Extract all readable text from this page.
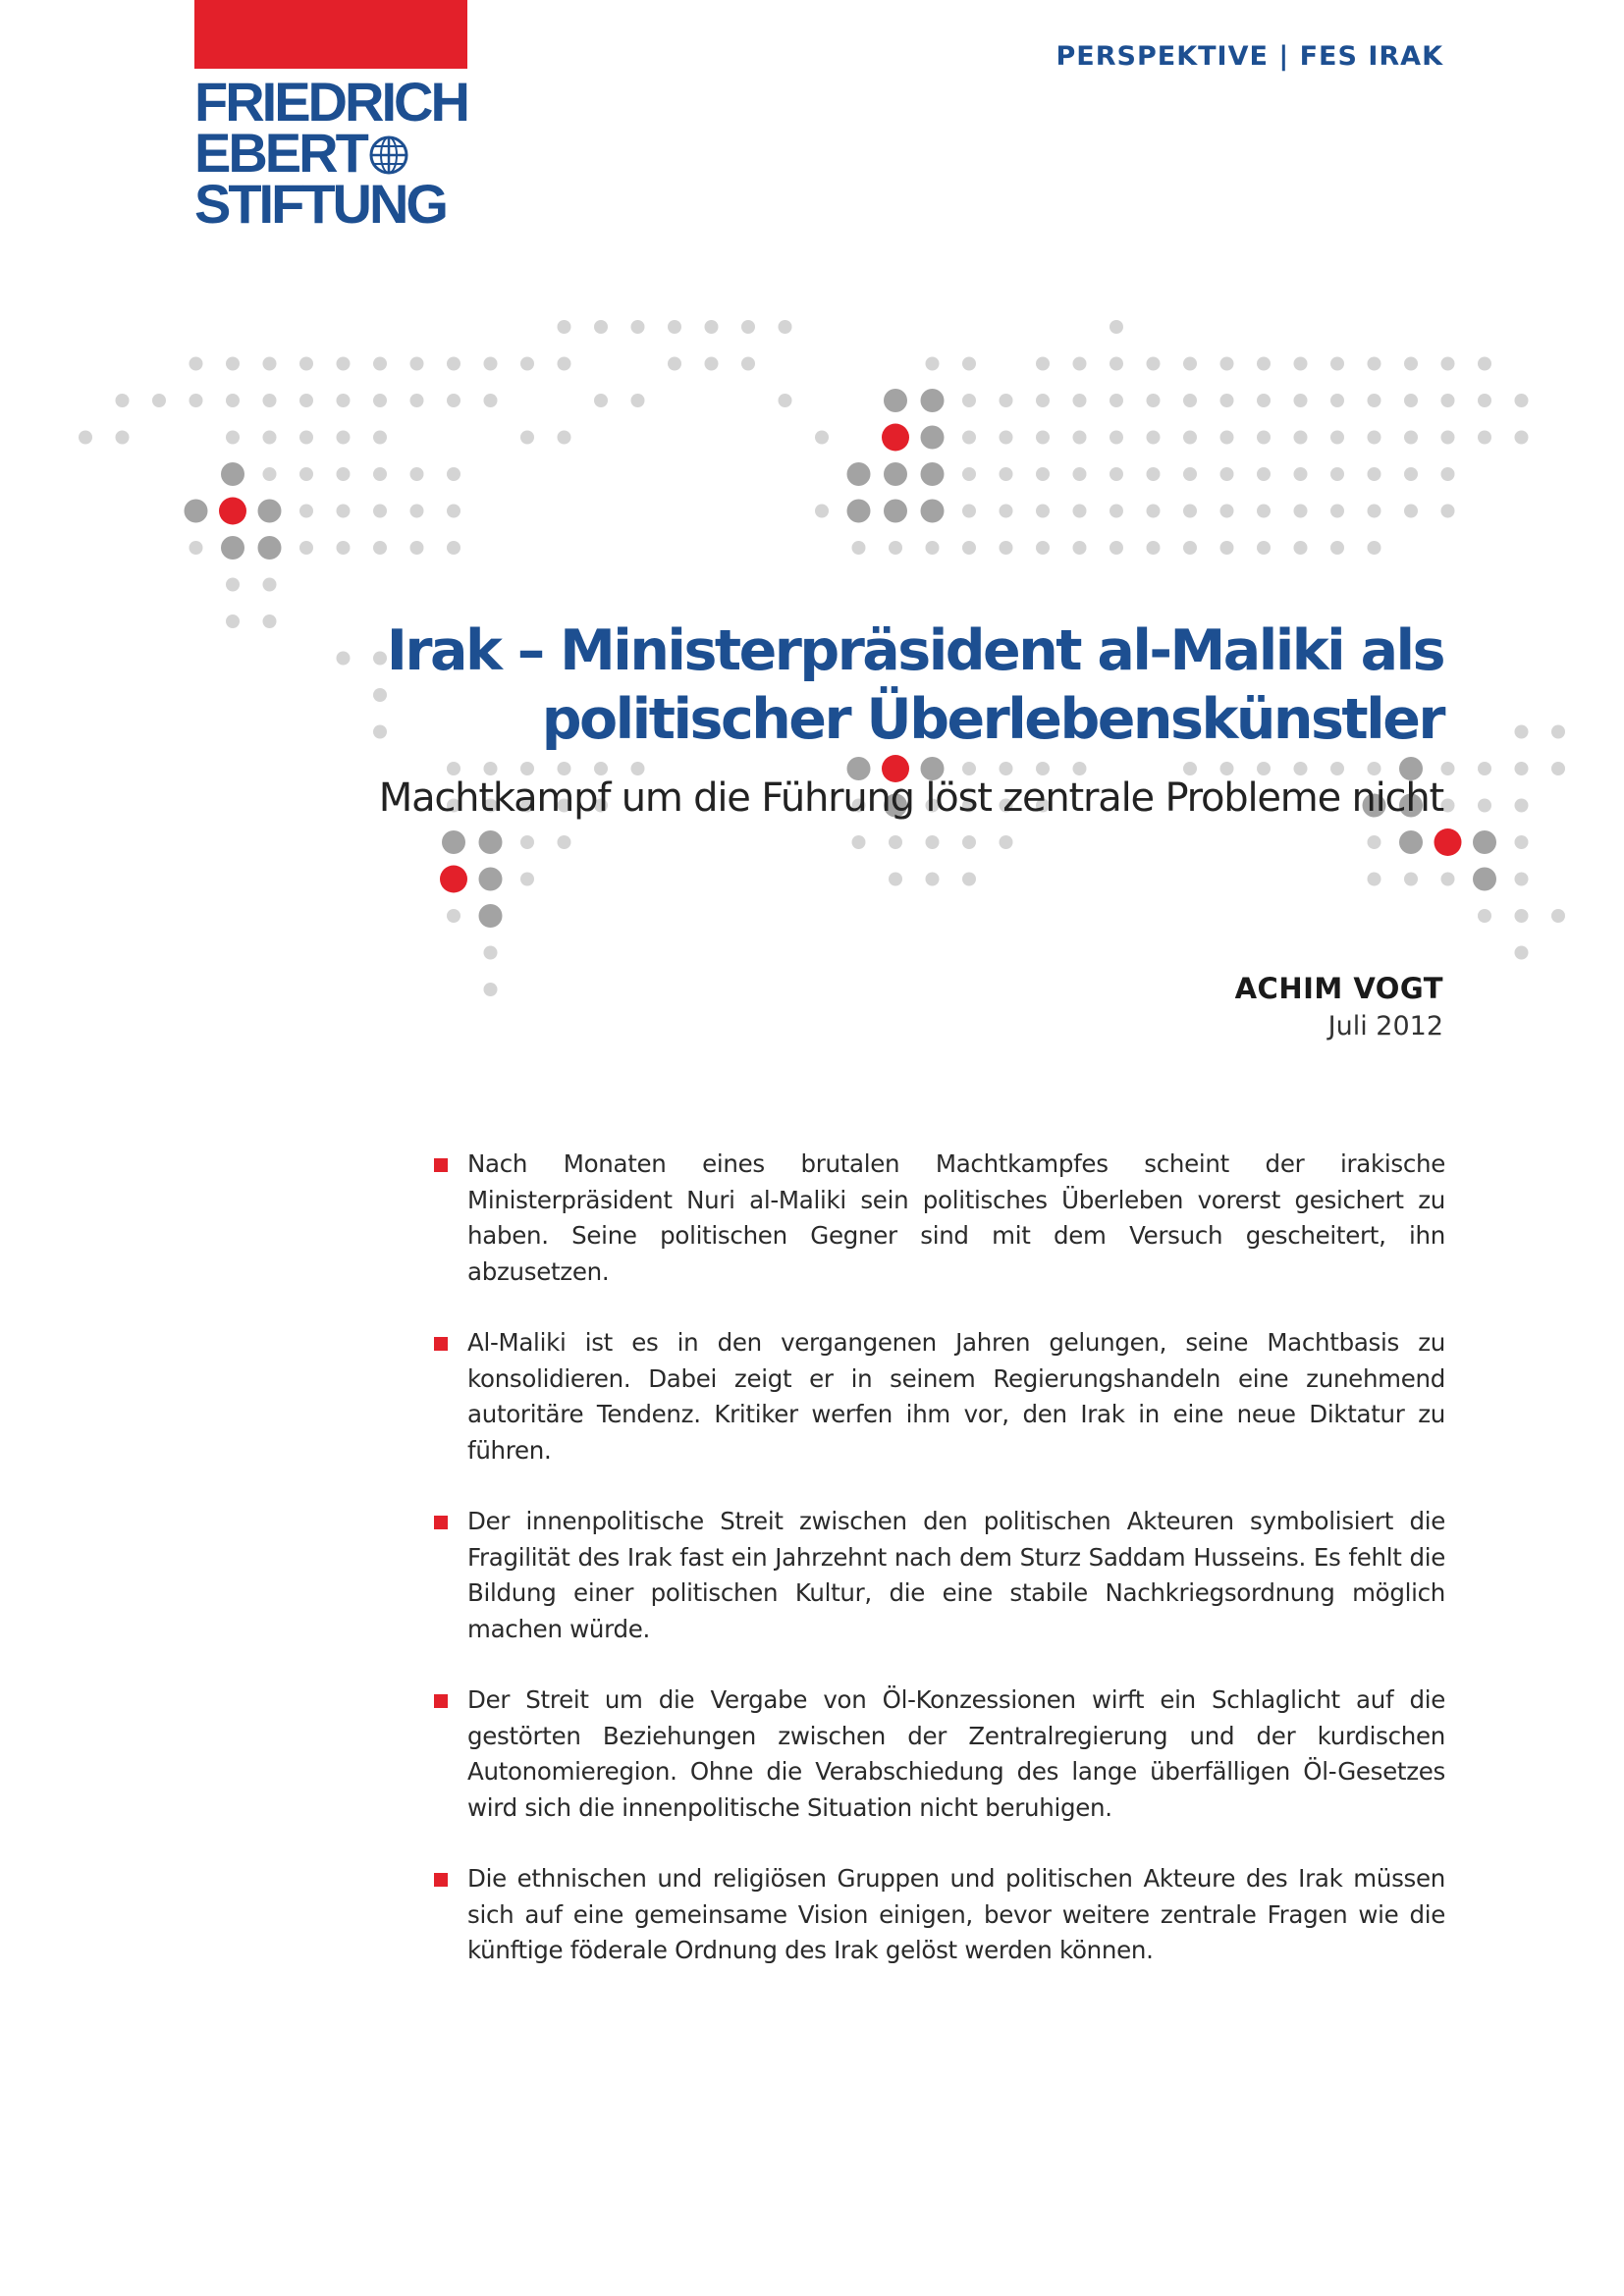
FRIEDRICH
EBERT
STIFTUNG
PERSPEKTIVE | FES IRAK
Irak – Ministerpräsident al-Maliki als politischer Überlebenskünstler
Machtkampf um die Führung löst zentrale Probleme nicht
ACHIM VOGT
Juli 2012
Nach Monaten eines brutalen Machtkampfes scheint der irakische Ministerpräsident Nuri al-Maliki sein politisches Überleben vorerst gesichert zu haben. Seine politischen Gegner sind mit dem Versuch gescheitert, ihn abzusetzen.
Al-Maliki ist es in den vergangenen Jahren gelungen, seine Machtbasis zu konsolidieren. Dabei zeigt er in seinem Regierungshandeln eine zunehmend autoritäre Tendenz. Kritiker werfen ihm vor, den Irak in eine neue Diktatur zu führen.
Der innenpolitische Streit zwischen den politischen Akteuren symbolisiert die Fragilität des Irak fast ein Jahrzehnt nach dem Sturz Saddam Husseins. Es fehlt die Bildung einer politischen Kultur, die eine stabile Nachkriegsordnung möglich machen würde.
Der Streit um die Vergabe von Öl-Konzessionen wirft ein Schlaglicht auf die gestörten Beziehungen zwischen der Zentralregierung und der kurdischen Autonomieregion. Ohne die Verabschiedung des lange überfälligen Öl-Gesetzes wird sich die innenpolitische Situation nicht beruhigen.
Die ethnischen und religiösen Gruppen und politischen Akteure des Irak müssen sich auf eine gemeinsame Vision einigen, bevor weitere zentrale Fragen wie die künftige föderale Ordnung des Irak gelöst werden können.
